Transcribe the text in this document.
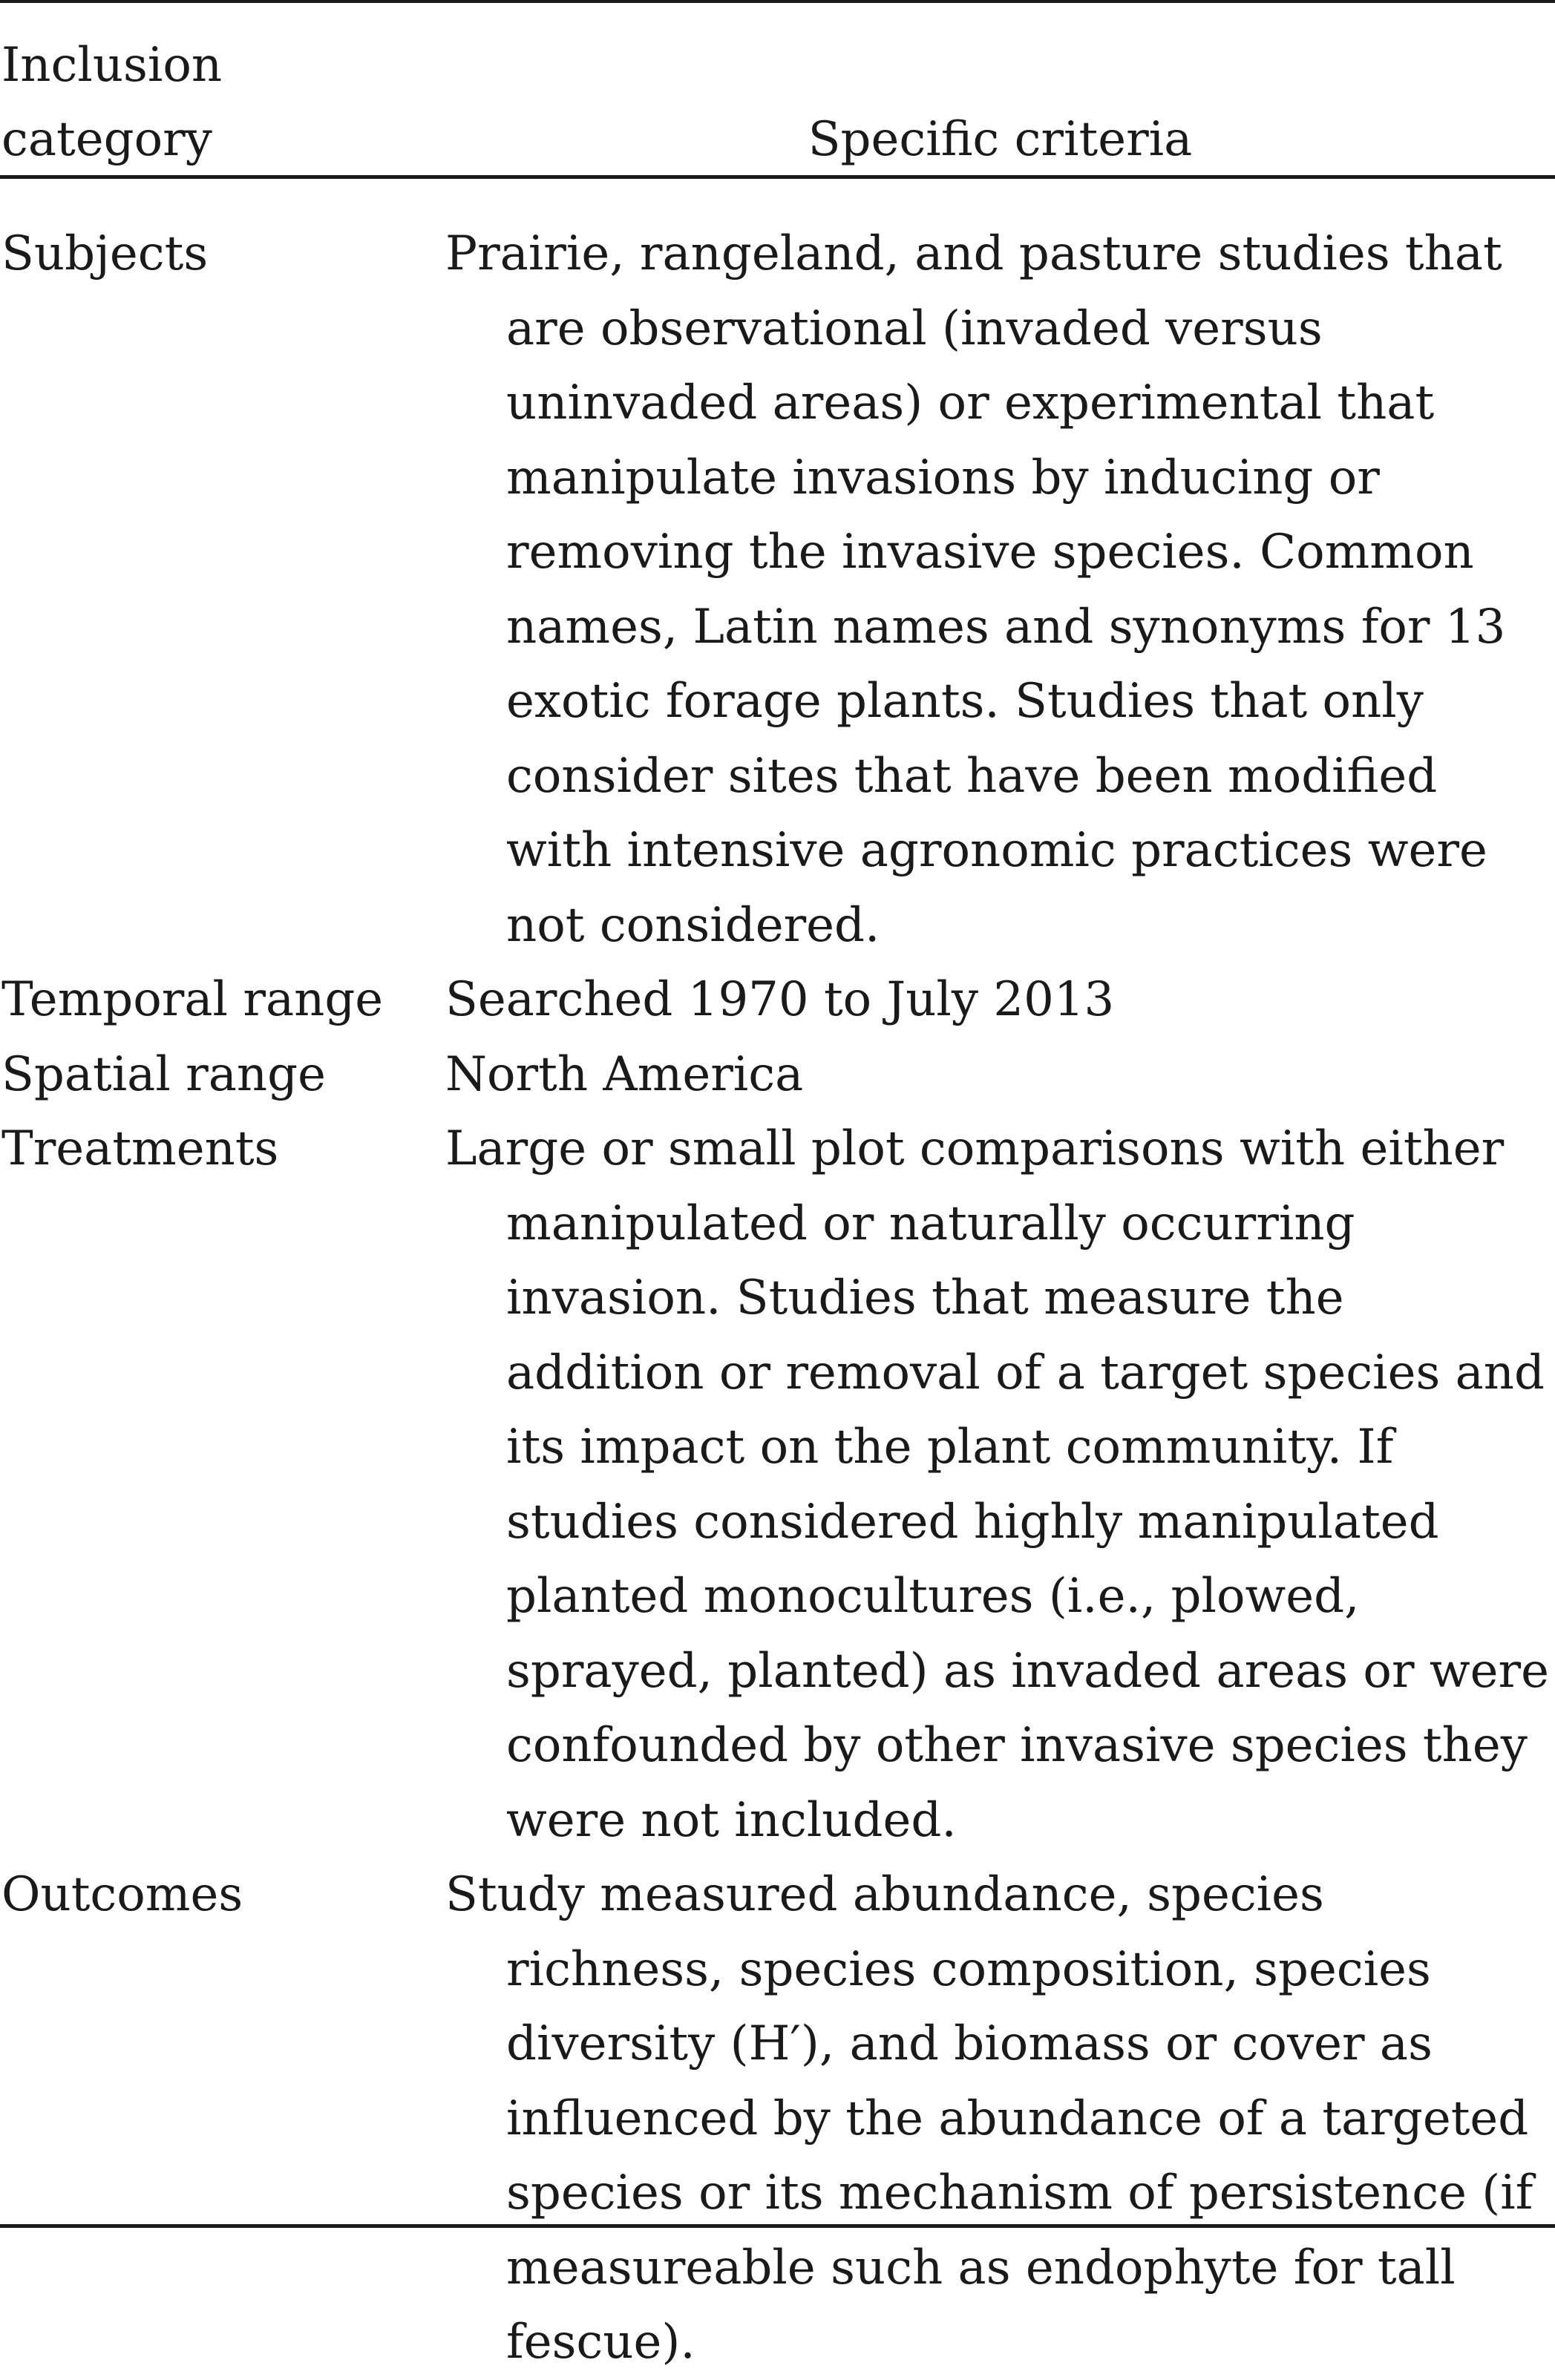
Inclusion
category	Specific criteria
Subjects	Prairie, rangeland, and pasture studies that are observational (invaded versus uninvaded areas) or experimental that manipulate invasions by inducing or removing the invasive species. Common names, Latin names and synonyms for 13 exotic forage plants. Studies that only consider sites that have been modified with intensive agronomic practices were not considered.
Temporal range	Searched 1970 to July 2013
Spatial range	North America
Treatments	Large or small plot comparisons with either manipulated or naturally occurring invasion. Studies that measure the addition or removal of a target species and its impact on the plant community. If studies considered highly manipulated planted monocultures (i.e., plowed, sprayed, planted) as invaded areas or were confounded by other invasive species they were not included.
Outcomes	Study measured abundance, species richness, species composition, species diversity (H′), and biomass or cover as influenced by the abundance of a targeted species or its mechanism of persistence (if measureable such as endophyte for tall fescue).
